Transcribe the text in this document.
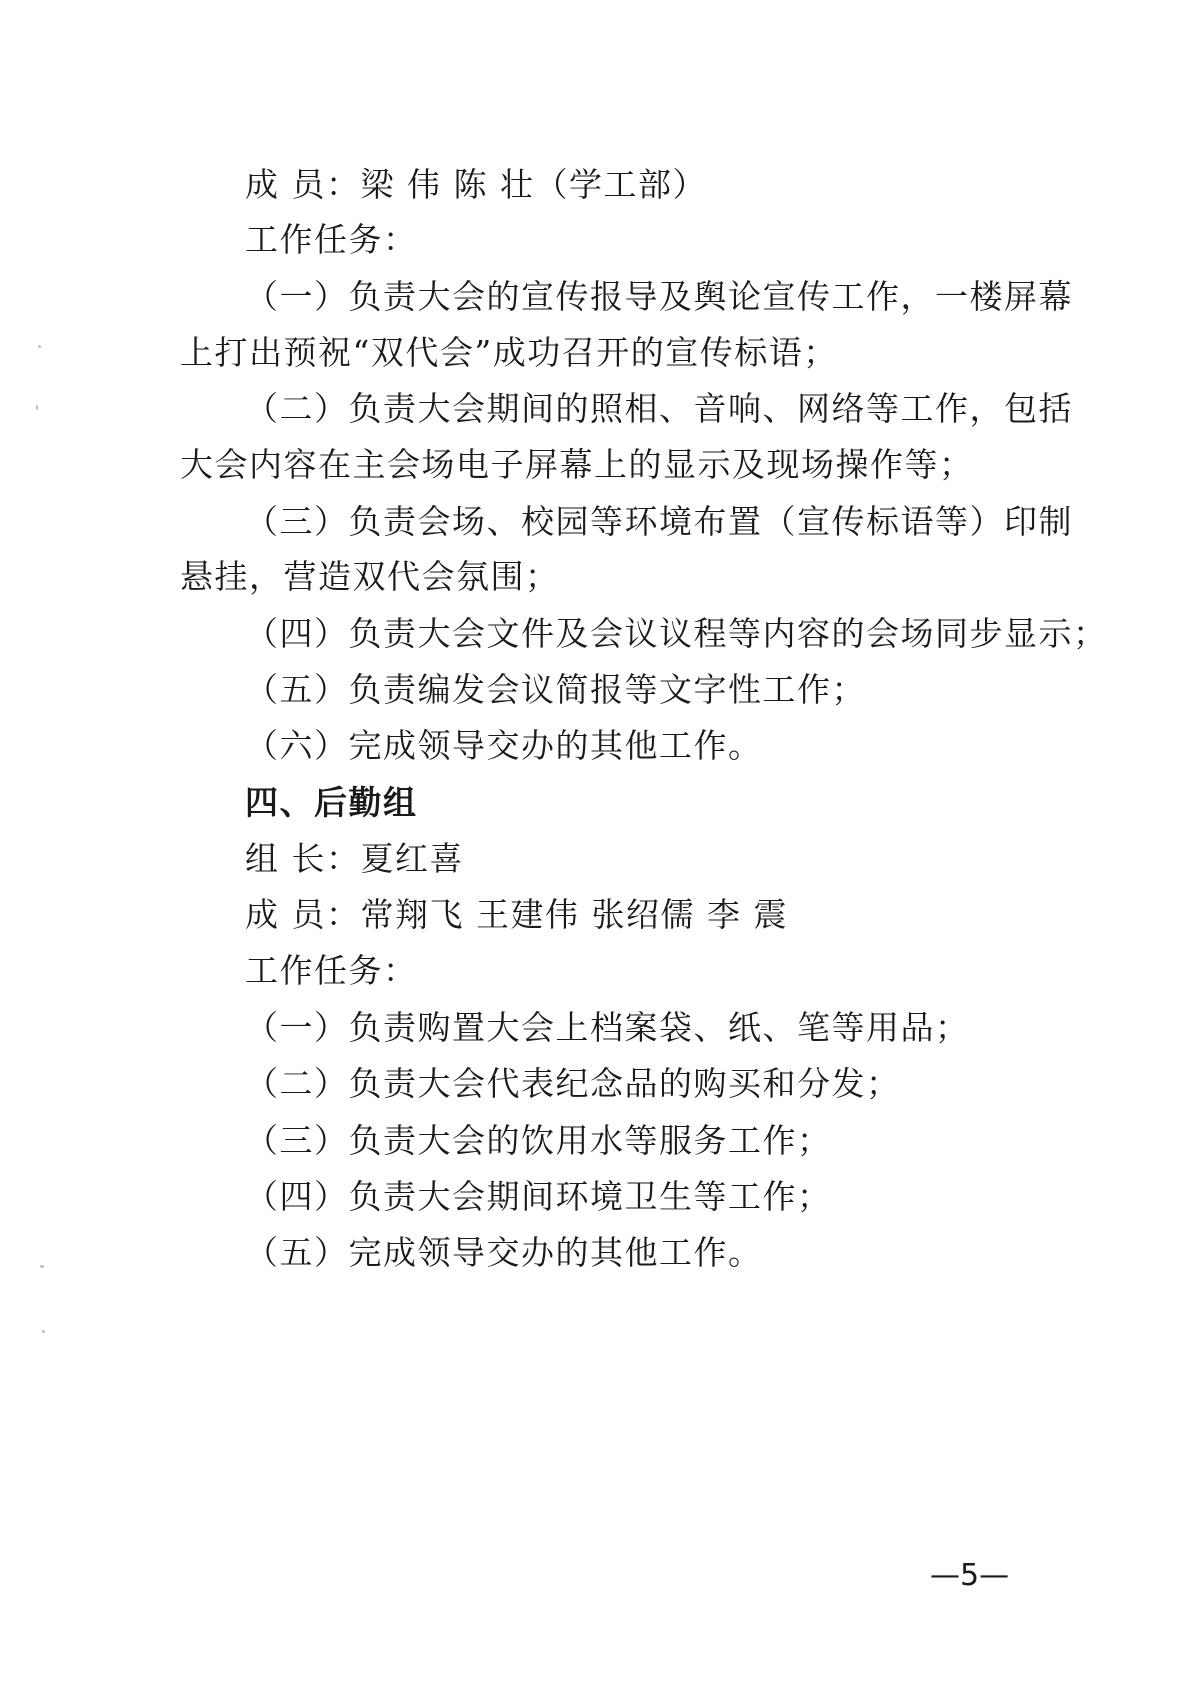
成 员：梁 伟 陈 壮（学工部）

工作任务：

（一）负责大会的宣传报导及舆论宣传工作，一楼屏幕

上打出预祝“双代会”成功召开的宣传标语；

（二）负责大会期间的照相、音响、网络等工作，包括

大会内容在主会场电子屏幕上的显示及现场操作等；

（三）负责会场、校园等环境布置（宣传标语等）印制

悬挂，营造双代会氛围；

（四）负责大会文件及会议议程等内容的会场同步显示；

（五）负责编发会议简报等文字性工作；

（六）完成领导交办的其他工作。

四、后勤组

组 长：夏红喜

成 员：常翔飞 王建伟 张绍儒 李 震

工作任务：

（一）负责购置大会上档案袋、纸、笔等用品；

（二）负责大会代表纪念品的购买和分发；

（三）负责大会的饮用水等服务工作；

（四）负责大会期间环境卫生等工作；

（五）完成领导交办的其他工作。

—5—
